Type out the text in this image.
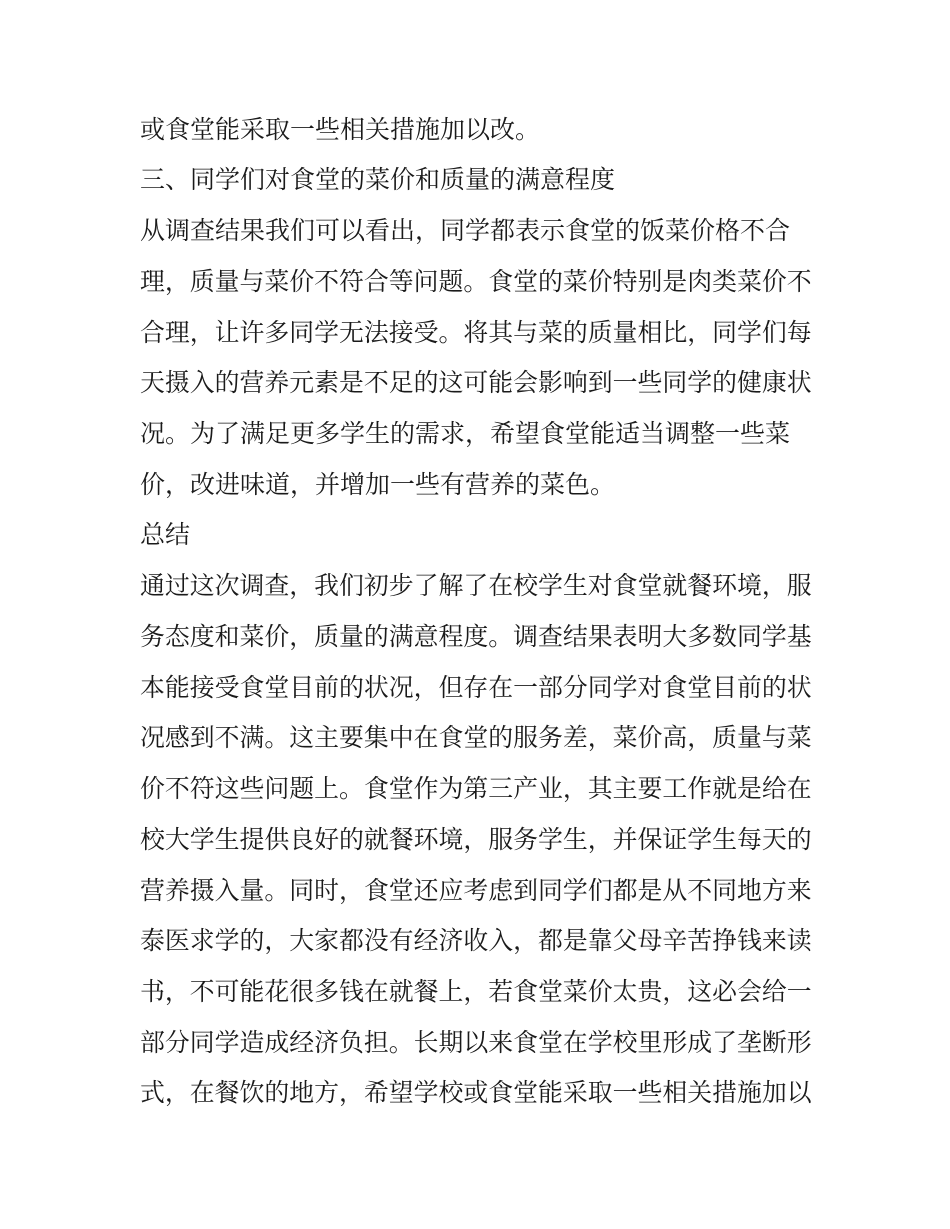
或食堂能采取一些相关措施加以改。

三、同学们对食堂的菜价和质量的满意程度

从调查结果我们可以看出，同学都表示食堂的饭菜价格不合

理，质量与菜价不符合等问题。食堂的菜价特别是肉类菜价不

合理，让许多同学无法接受。将其与菜的质量相比，同学们每

天摄入的营养元素是不足的这可能会影响到一些同学的健康状

况。为了满足更多学生的需求，希望食堂能适当调整一些菜

价，改进味道，并增加一些有营养的菜色。

总结

通过这次调查，我们初步了解了在校学生对食堂就餐环境，服

务态度和菜价，质量的满意程度。调查结果表明大多数同学基

本能接受食堂目前的状况，但存在一部分同学对食堂目前的状

况感到不满。这主要集中在食堂的服务差，菜价高，质量与菜

价不符这些问题上。食堂作为第三产业，其主要工作就是给在

校大学生提供良好的就餐环境，服务学生，并保证学生每天的

营养摄入量。同时，食堂还应考虑到同学们都是从不同地方来

泰医求学的，大家都没有经济收入，都是靠父母辛苦挣钱来读

书，不可能花很多钱在就餐上，若食堂菜价太贵，这必会给一

部分同学造成经济负担。长期以来食堂在学校里形成了垄断形

式，在餐饮的地方，希望学校或食堂能采取一些相关措施加以
